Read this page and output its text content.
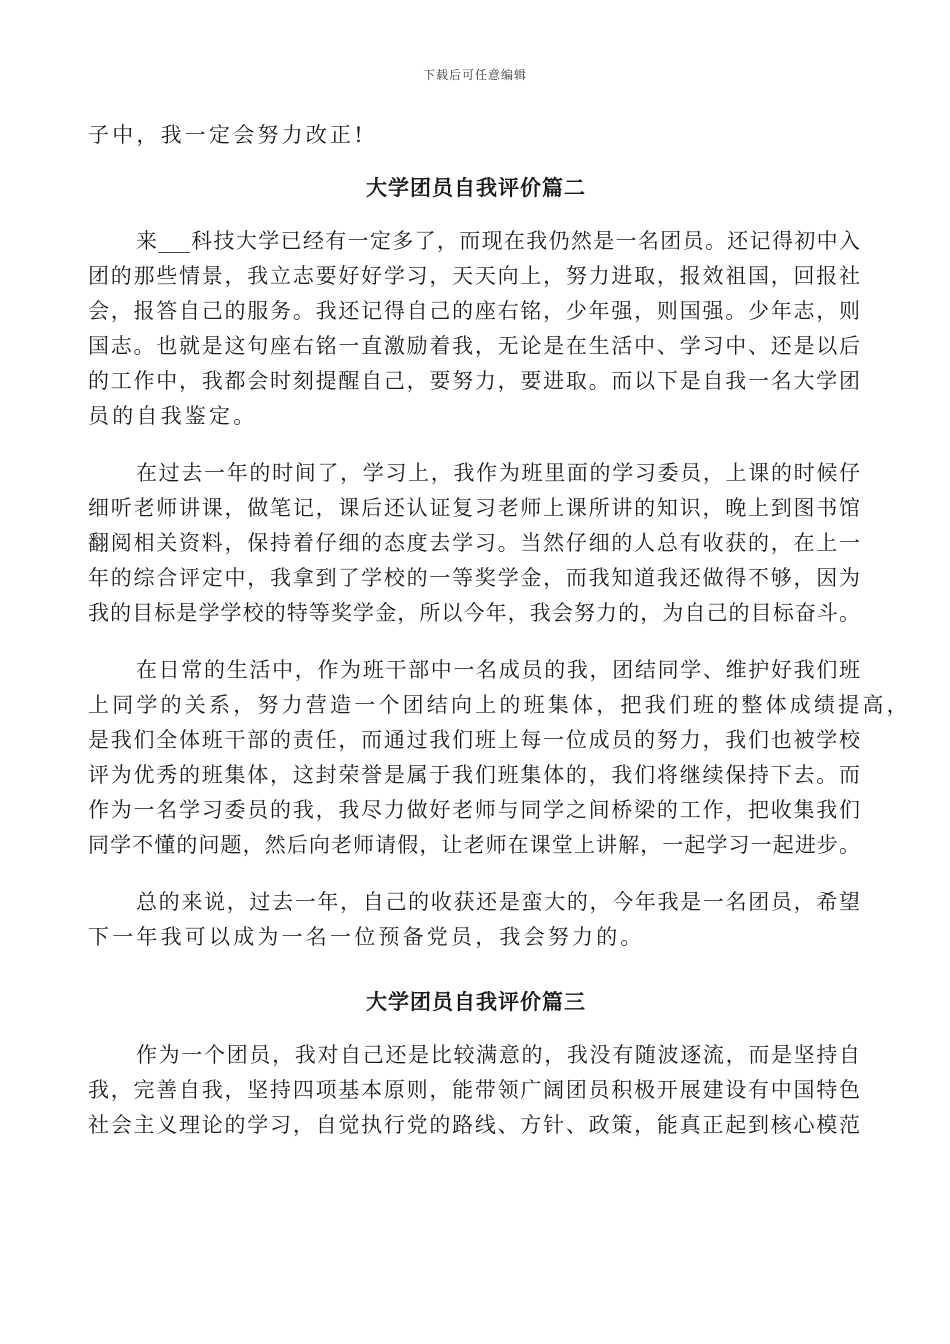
下载后可任意编辑
子中，我一定会努力改正!
大学团员自我评价篇二
来___科技大学已经有一定多了，而现在我仍然是一名团员。还记得初中入
团的那些情景，我立志要好好学习，天天向上，努力进取，报效祖国，回报社
会，报答自己的服务。我还记得自己的座右铭，少年强，则国强。少年志，则
国志。也就是这句座右铭一直激励着我，无论是在生活中、学习中、还是以后
的工作中，我都会时刻提醒自己，要努力，要进取。而以下是自我一名大学团
员的自我鉴定。
在过去一年的时间了，学习上，我作为班里面的学习委员，上课的时候仔
细听老师讲课，做笔记，课后还认证复习老师上课所讲的知识，晚上到图书馆
翻阅相关资料，保持着仔细的态度去学习。当然仔细的人总有收获的，在上一
年的综合评定中，我拿到了学校的一等奖学金，而我知道我还做得不够，因为
我的目标是学学校的特等奖学金，所以今年，我会努力的，为自己的目标奋斗。
在日常的生活中，作为班干部中一名成员的我，团结同学、维护好我们班
上同学的关系，努力营造一个团结向上的班集体，把我们班的整体成绩提高，
是我们全体班干部的责任，而通过我们班上每一位成员的努力，我们也被学校
评为优秀的班集体，这封荣誉是属于我们班集体的，我们将继续保持下去。而
作为一名学习委员的我，我尽力做好老师与同学之间桥梁的工作，把收集我们
同学不懂的问题，然后向老师请假，让老师在课堂上讲解，一起学习一起进步。
总的来说，过去一年，自己的收获还是蛮大的，今年我是一名团员，希望
下一年我可以成为一名一位预备党员，我会努力的。
大学团员自我评价篇三
作为一个团员，我对自己还是比较满意的，我没有随波逐流，而是坚持自
我，完善自我，坚持四项基本原则，能带领广阔团员积极开展建设有中国特色
社会主义理论的学习，自觉执行党的路线、方针、政策，能真正起到核心模范
